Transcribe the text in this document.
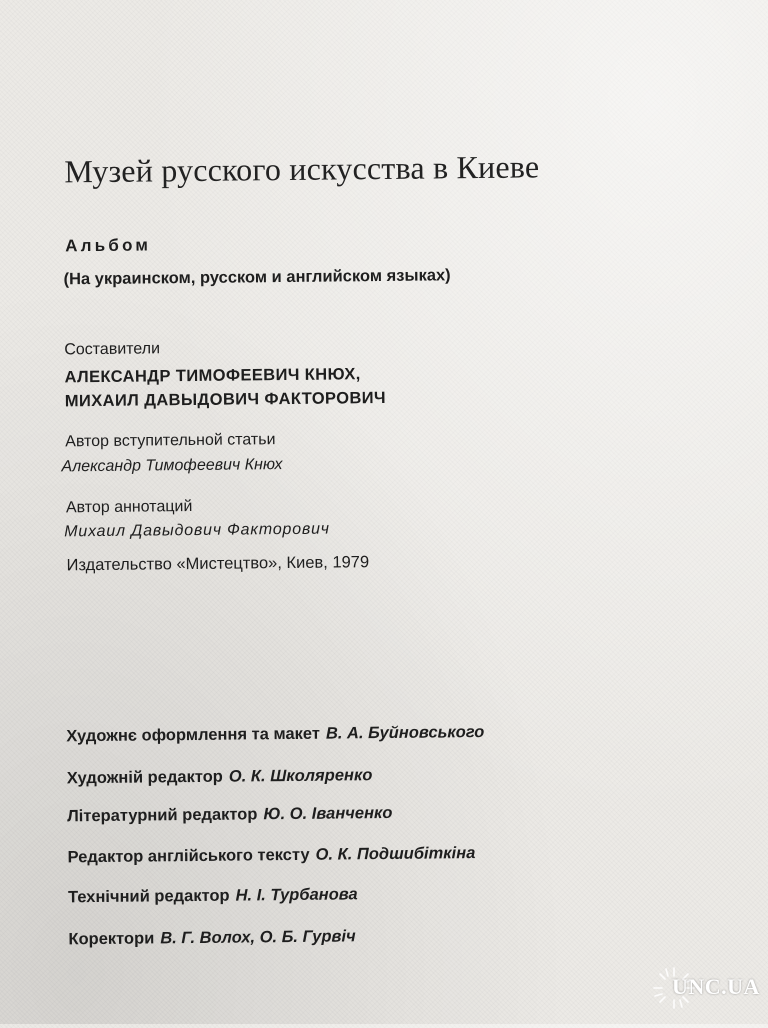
Музей русского искусства в Киеве
Альбом
(На украинском, русском и английском языках)
Составители
АЛЕКСАНДР ТИМОФЕЕВИЧ КНЮХ,
МИХАИЛ ДАВЫДОВИЧ ФАКТОРОВИЧ
Автор вступительной статьи
Александр Тимофеевич Кнюх
Автор аннотаций
Михаил Давыдович Факторович
Издательство «Мистецтво», Киев, 1979
Художнє оформлення та макет В. А. Буйновського
Художній редактор О. К. Школяренко
Літературний редактор Ю. О. Іванченко
Редактор англійського тексту О. К. Подшибіткіна
Технічний редактор Н. І. Турбанова
Коректори В. Г. Волох, О. Б. Гурвіч
UNC.UA
